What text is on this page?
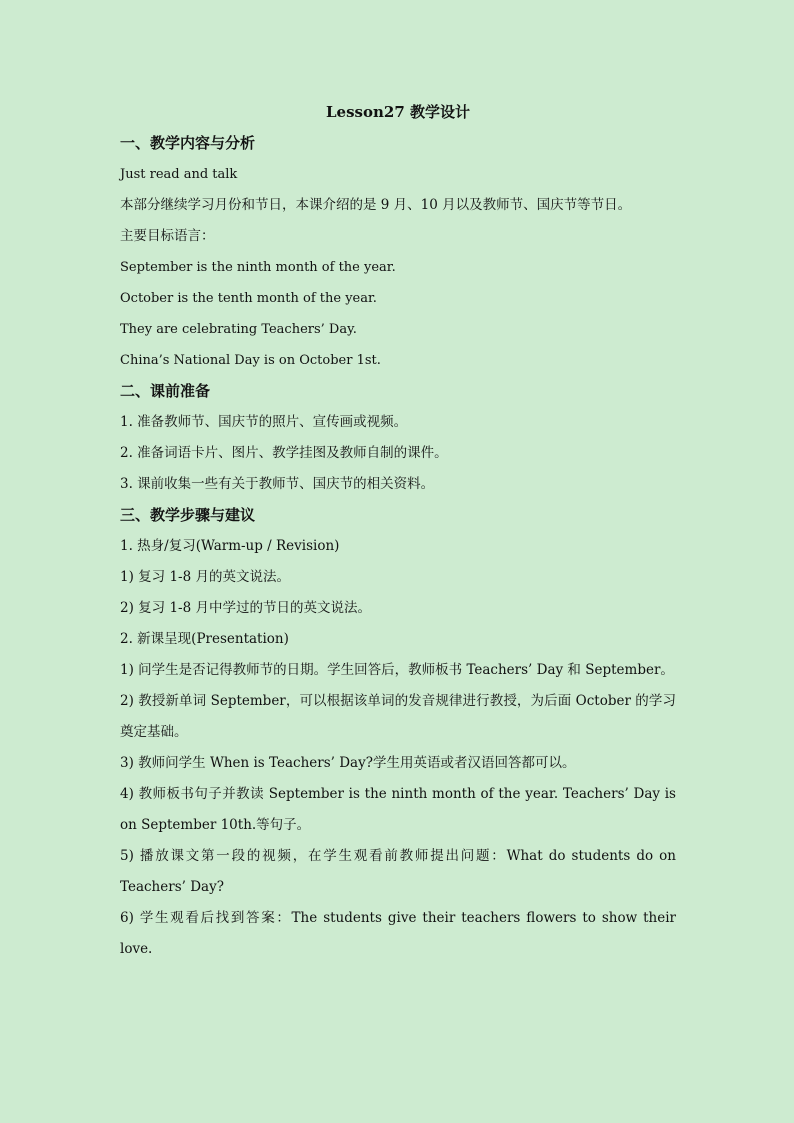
Lesson27 教学设计

一、教学内容与分析

Just read and talk

本部分继续学习月份和节日，本课介绍的是 9 月、10 月以及教师节、国庆节等节日。

主要目标语言：

September is the ninth month of the year.

October is the tenth month of the year.

They are celebrating Teachers’ Day.

China’s National Day is on October 1st.

二、课前准备

1. 准备教师节、国庆节的照片、宣传画或视频。

2. 准备词语卡片、图片、教学挂图及教师自制的课件。

3. 课前收集一些有关于教师节、国庆节的相关资料。

三、教学步骤与建议

1. 热身/复习(Warm-up / Revision)

1) 复习 1-8 月的英文说法。

2) 复习 1-8 月中学过的节日的英文说法。

2. 新课呈现(Presentation)

1) 问学生是否记得教师节的日期。学生回答后，教师板书 Teachers’ Day 和 September。

2) 教授新单词 September，可以根据该单词的发音规律进行教授，为后面 October 的学习奠定基础。

3) 教师问学生 When is Teachers’ Day?学生用英语或者汉语回答都可以。

4) 教师板书句子并教读 September is the ninth month of the year. Teachers’ Day is on September 10th.等句子。

5) 播放课文第一段的视频，在学生观看前教师提出问题：What do students do on Teachers’ Day?

6) 学生观看后找到答案：The students give their teachers flowers to show their love.
